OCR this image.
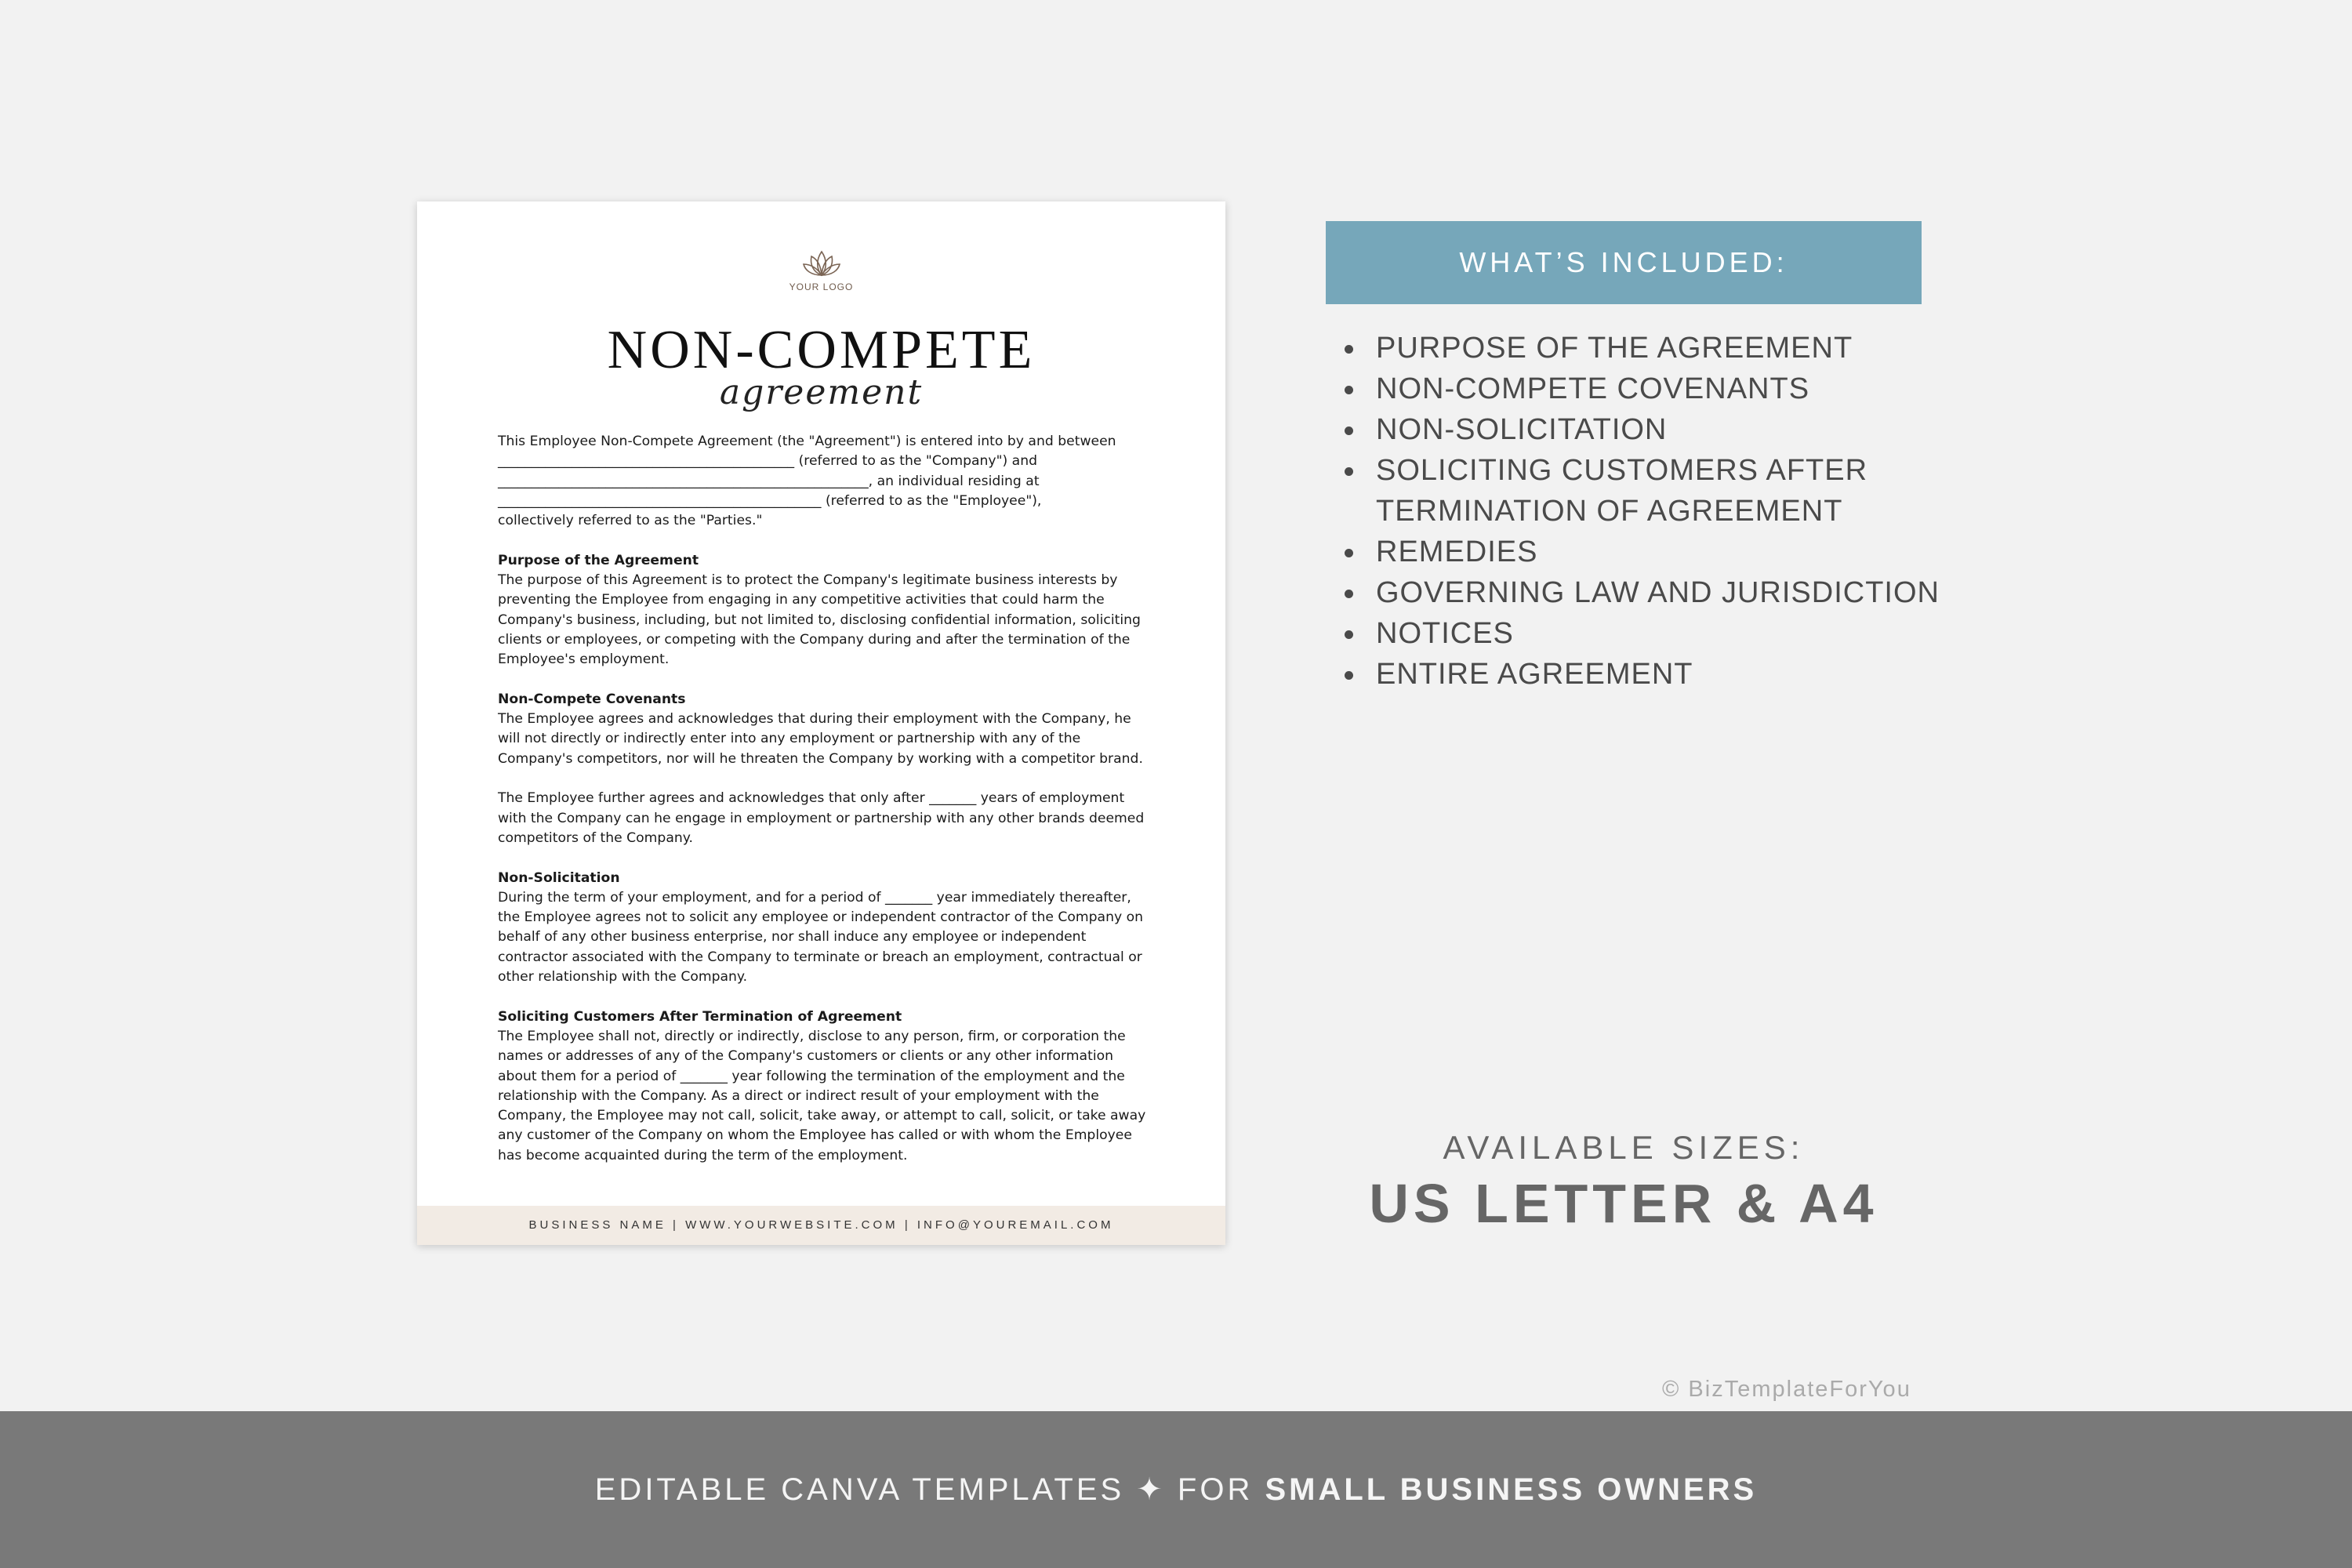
YOUR LOGO
NON-COMPETE
agreement

This Employee Non-Compete Agreement (the "Agreement") is entered into by and between
____________________________________________ (referred to as the "Company") and
_______________________________________________________, an individual residing at
________________________________________________ (referred to as the "Employee"),
collectively referred to as the "Parties."

Purpose of the Agreement
The purpose of this Agreement is to protect the Company's legitimate business interests by preventing the Employee from engaging in any competitive activities that could harm the Company's business, including, but not limited to, disclosing confidential information, soliciting clients or employees, or competing with the Company during and after the termination of the Employee's employment.

Non-Compete Covenants
The Employee agrees and acknowledges that during their employment with the Company, he will not directly or indirectly enter into any employment or partnership with any of the Company's competitors, nor will he threaten the Company by working with a competitor brand.

The Employee further agrees and acknowledges that only after _______ years of employment with the Company can he engage in employment or partnership with any other brands deemed competitors of the Company.

Non-Solicitation
During the term of your employment, and for a period of _______ year immediately thereafter, the Employee agrees not to solicit any employee or independent contractor of the Company on behalf of any other business enterprise, nor shall induce any employee or independent contractor associated with the Company to terminate or breach an employment, contractual or other relationship with the Company.

Soliciting Customers After Termination of Agreement
The Employee shall not, directly or indirectly, disclose to any person, firm, or corporation the names or addresses of any of the Company's customers or clients or any other information about them for a period of _______ year following the termination of the employment and the relationship with the Company. As a direct or indirect result of your employment with the Company, the Employee may not call, solicit, take away, or attempt to call, solicit, or take away any customer of the Company on whom the Employee has called or with whom the Employee has become acquainted during the term of the employment.

BUSINESS NAME | WWW.YOURWEBSITE.COM | INFO@YOUREMAIL.COM
WHAT’S INCLUDED:
PURPOSE OF THE AGREEMENT
NON-COMPETE COVENANTS
NON-SOLICITATION
SOLICITING CUSTOMERS AFTER TERMINATION OF AGREEMENT
REMEDIES
GOVERNING LAW AND JURISDICTION
NOTICES
ENTIRE AGREEMENT
AVAILABLE SIZES:
US LETTER & A4
© BizTemplateForYou
EDITABLE CANVA TEMPLATES ✦ FOR SMALL BUSINESS OWNERS
